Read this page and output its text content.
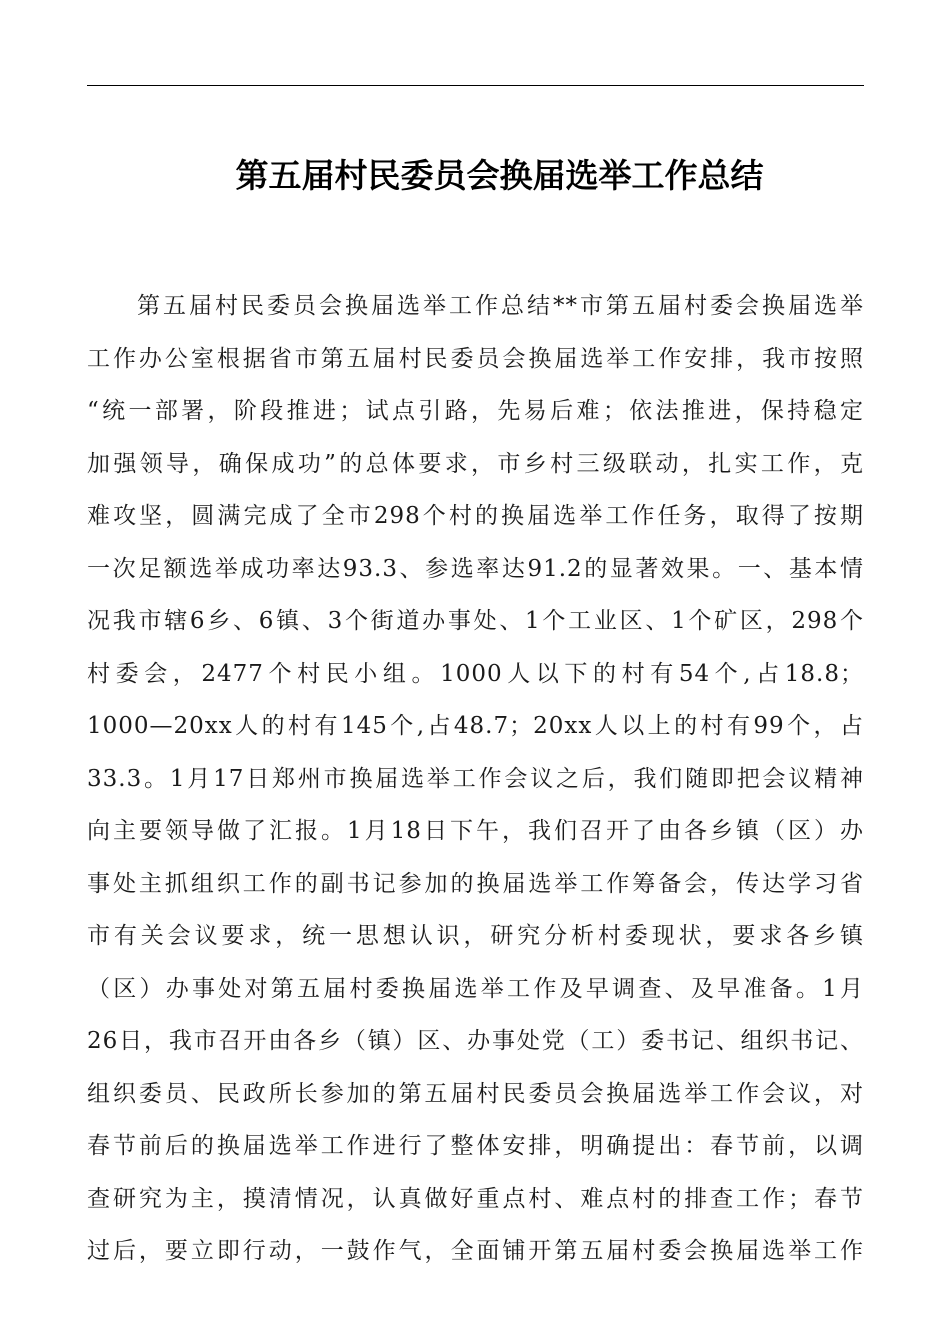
第五届村民委员会换届选举工作总结
第五届村民委员会换届选举工作总结**市第五届村委会换届选举
工作办公室根据省市第五届村民委员会换届选举工作安排，我市按照
“统一部署，阶段推进；试点引路，先易后难；依法推进，保持稳定
加强领导，确保成功”的总体要求，市乡村三级联动，扎实工作，克
难攻坚，圆满完成了全市298个村的换届选举工作任务，取得了按期
一次足额选举成功率达93.3、参选率达91.2的显著效果。一、基本情
况我市辖6乡、6镇、3个街道办事处、1个工业区、1个矿区，298个
村委会，2477个村民小组。1000人以下的村有54个,占18.8；
1000—20xx人的村有145个,占48.7；20xx人以上的村有99个，占
33.3。1月17日郑州市换届选举工作会议之后，我们随即把会议精神
向主要领导做了汇报。1月18日下午，我们召开了由各乡镇（区）办
事处主抓组织工作的副书记参加的换届选举工作筹备会，传达学习省
市有关会议要求，统一思想认识，研究分析村委现状，要求各乡镇
（区）办事处对第五届村委换届选举工作及早调查、及早准备。1月
26日，我市召开由各乡（镇）区、办事处党（工）委书记、组织书记、
组织委员、民政所长参加的第五届村民委员会换届选举工作会议，对
春节前后的换届选举工作进行了整体安排，明确提出：春节前，以调
查研究为主，摸清情况，认真做好重点村、难点村的排查工作；春节
过后，要立即行动，一鼓作气，全面铺开第五届村委会换届选举工作
